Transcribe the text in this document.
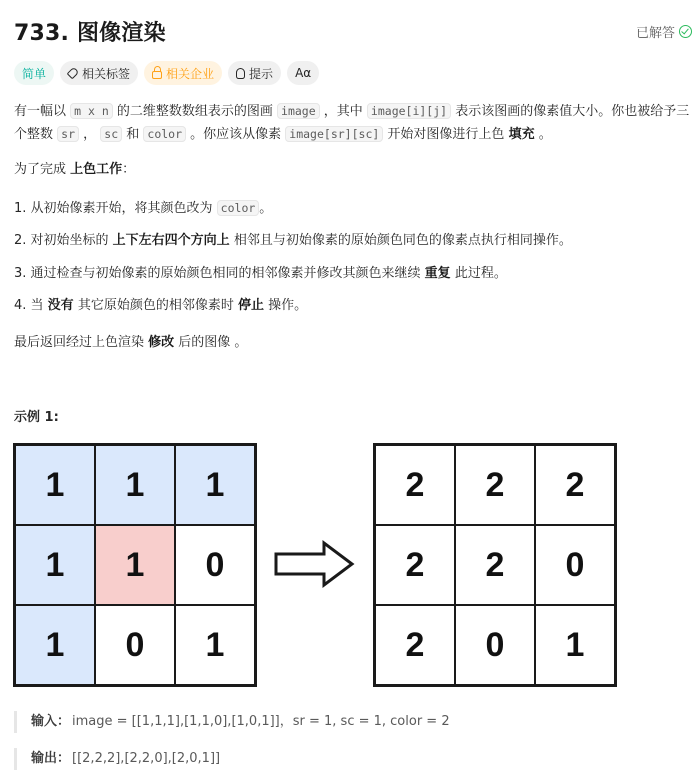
733. 图像渲染	已解答
简单	相关标签	相关企业	提示 Aα

有一幅以 m x n 的二维整数数组表示的图画 image ，其中 image[i][j] 表示该图画的像素值大小。你也被给予三个整数 sr ， sc 和 color 。你应该从像素 image[sr][sc] 开始对图像进行上色 填充 。

为了完成 上色工作：

1. 从初始像素开始，将其颜色改为 color 。

2. 对初始坐标的 上下左右四个方向上 相邻且与初始像素的原始颜色同色的像素点执行相同操作。

3. 通过检查与初始像素的原始颜色相同的相邻像素并修改其颜色来继续 重复 此过程。

4. 当 没有 其它原始颜色的相邻像素时 停止 操作。

最后返回经过上色渲染 修改 后的图像 。

示例 1:

1	1	1
1	1	0
1	0	1
2	2	2
2	2	0
2	0	1
输入： image = [[1,1,1],[1,1,0],[1,0,1]]，sr = 1, sc = 1, color = 2
输出： [[2,2,2],[2,2,0],[2,0,1]]
